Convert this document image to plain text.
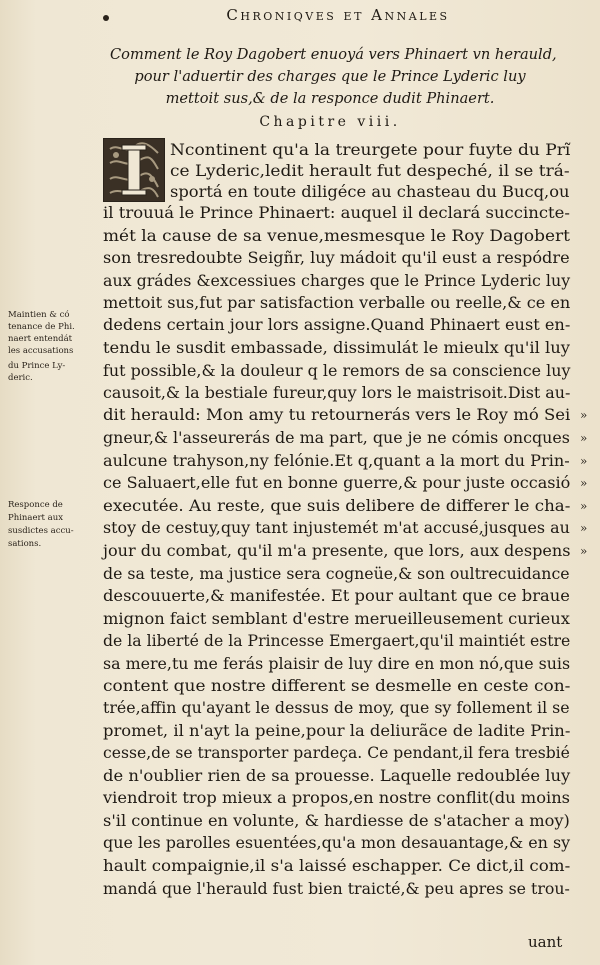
Chroniqves et Annales
Comment le Roy Dagobert enuoyá vers Phinaert vn herauld,
pour l'aduertir des charges que le Prince Lyderic luy
mettoit sus,& de la responce dudit Phinaert.
Chapitre viii.
Ncontinent qu'a la treurgete pour fuyte du Prĩ
ce Lyderic,ledit herault fut despeché, il se trá-
sportá en toute diligéce au chasteau du Bucq,ou
il trouuá le Prince Phinaert: auquel il declará succincte-
mét la cause de sa venue,mesmesque le Roy Dagobert
son tresredoubte Seigñr, luy mádoit qu'il eust a respódre
aux grádes &excessiues charges que le Prince Lyderic luy
mettoit sus,fut par satisfaction verballe ou reelle,& ce en
dedens certain jour lors assigne.Quand Phinaert eust en-
tendu le susdit embassade, dissimulát le mieulx qu'il luy
fut possible,& la douleur q le remors de sa conscience luy
causoit,& la bestiale fureur,quy lors le maistrisoit.Dist au-
dit herauld: Mon amy tu retournerás vers le Roy mó Sei
gneur,& l'asseurerás de ma part, que je ne cómis oncques
aulcune trahyson,ny felónie.Et q,quant a la mort du Prin-
ce Saluaert,elle fut en bonne guerre,& pour juste occasió
executée. Au reste, que suis delibere de differer le cha-
stoy de cestuy,quy tant injustemét m'at accusé,jusques au
jour du combat, qu'il m'a presente, que lors, aux despens
de sa teste, ma justice sera cogneüe,& son oultrecuidance
descouuerte,& manifestée. Et pour aultant que ce braue
mignon faict semblant d'estre merueilleusement curieux
de la liberté de la Princesse Emergaert,qu'il maintiét estre
sa mere,tu me ferás plaisir de luy dire en mon nó,que suis
content que nostre different se desmelle en ceste con-
trée,affin qu'ayant le dessus de moy, que sy follement il se
promet, il n'ayt la peine,pour la deliurãce de ladite Prin-
cesse,de se transporter pardeça. Ce pendant,il fera tresbié
de n'oublier rien de sa prouesse. Laquelle redoublée luy
viendroit trop mieux a propos,en nostre conflit(du moins
s'il continue en volunte, & hardiesse de s'atacher a moy)
que les parolles esuentées,qu'a mon desauantage,& en sy
hault compaignie,il s'a laissé eschapper. Ce dict,il com-
mandá que l'herauld fust bien traicté,& peu apres se trou-
Maintien & có
tenance de Phi.
naert entendát
les accusations
du Prince Ly-
deric.
Responce de
Phinaert aux
susdictes accu-
sations.
»
»
»
»
»
»
»
uant
